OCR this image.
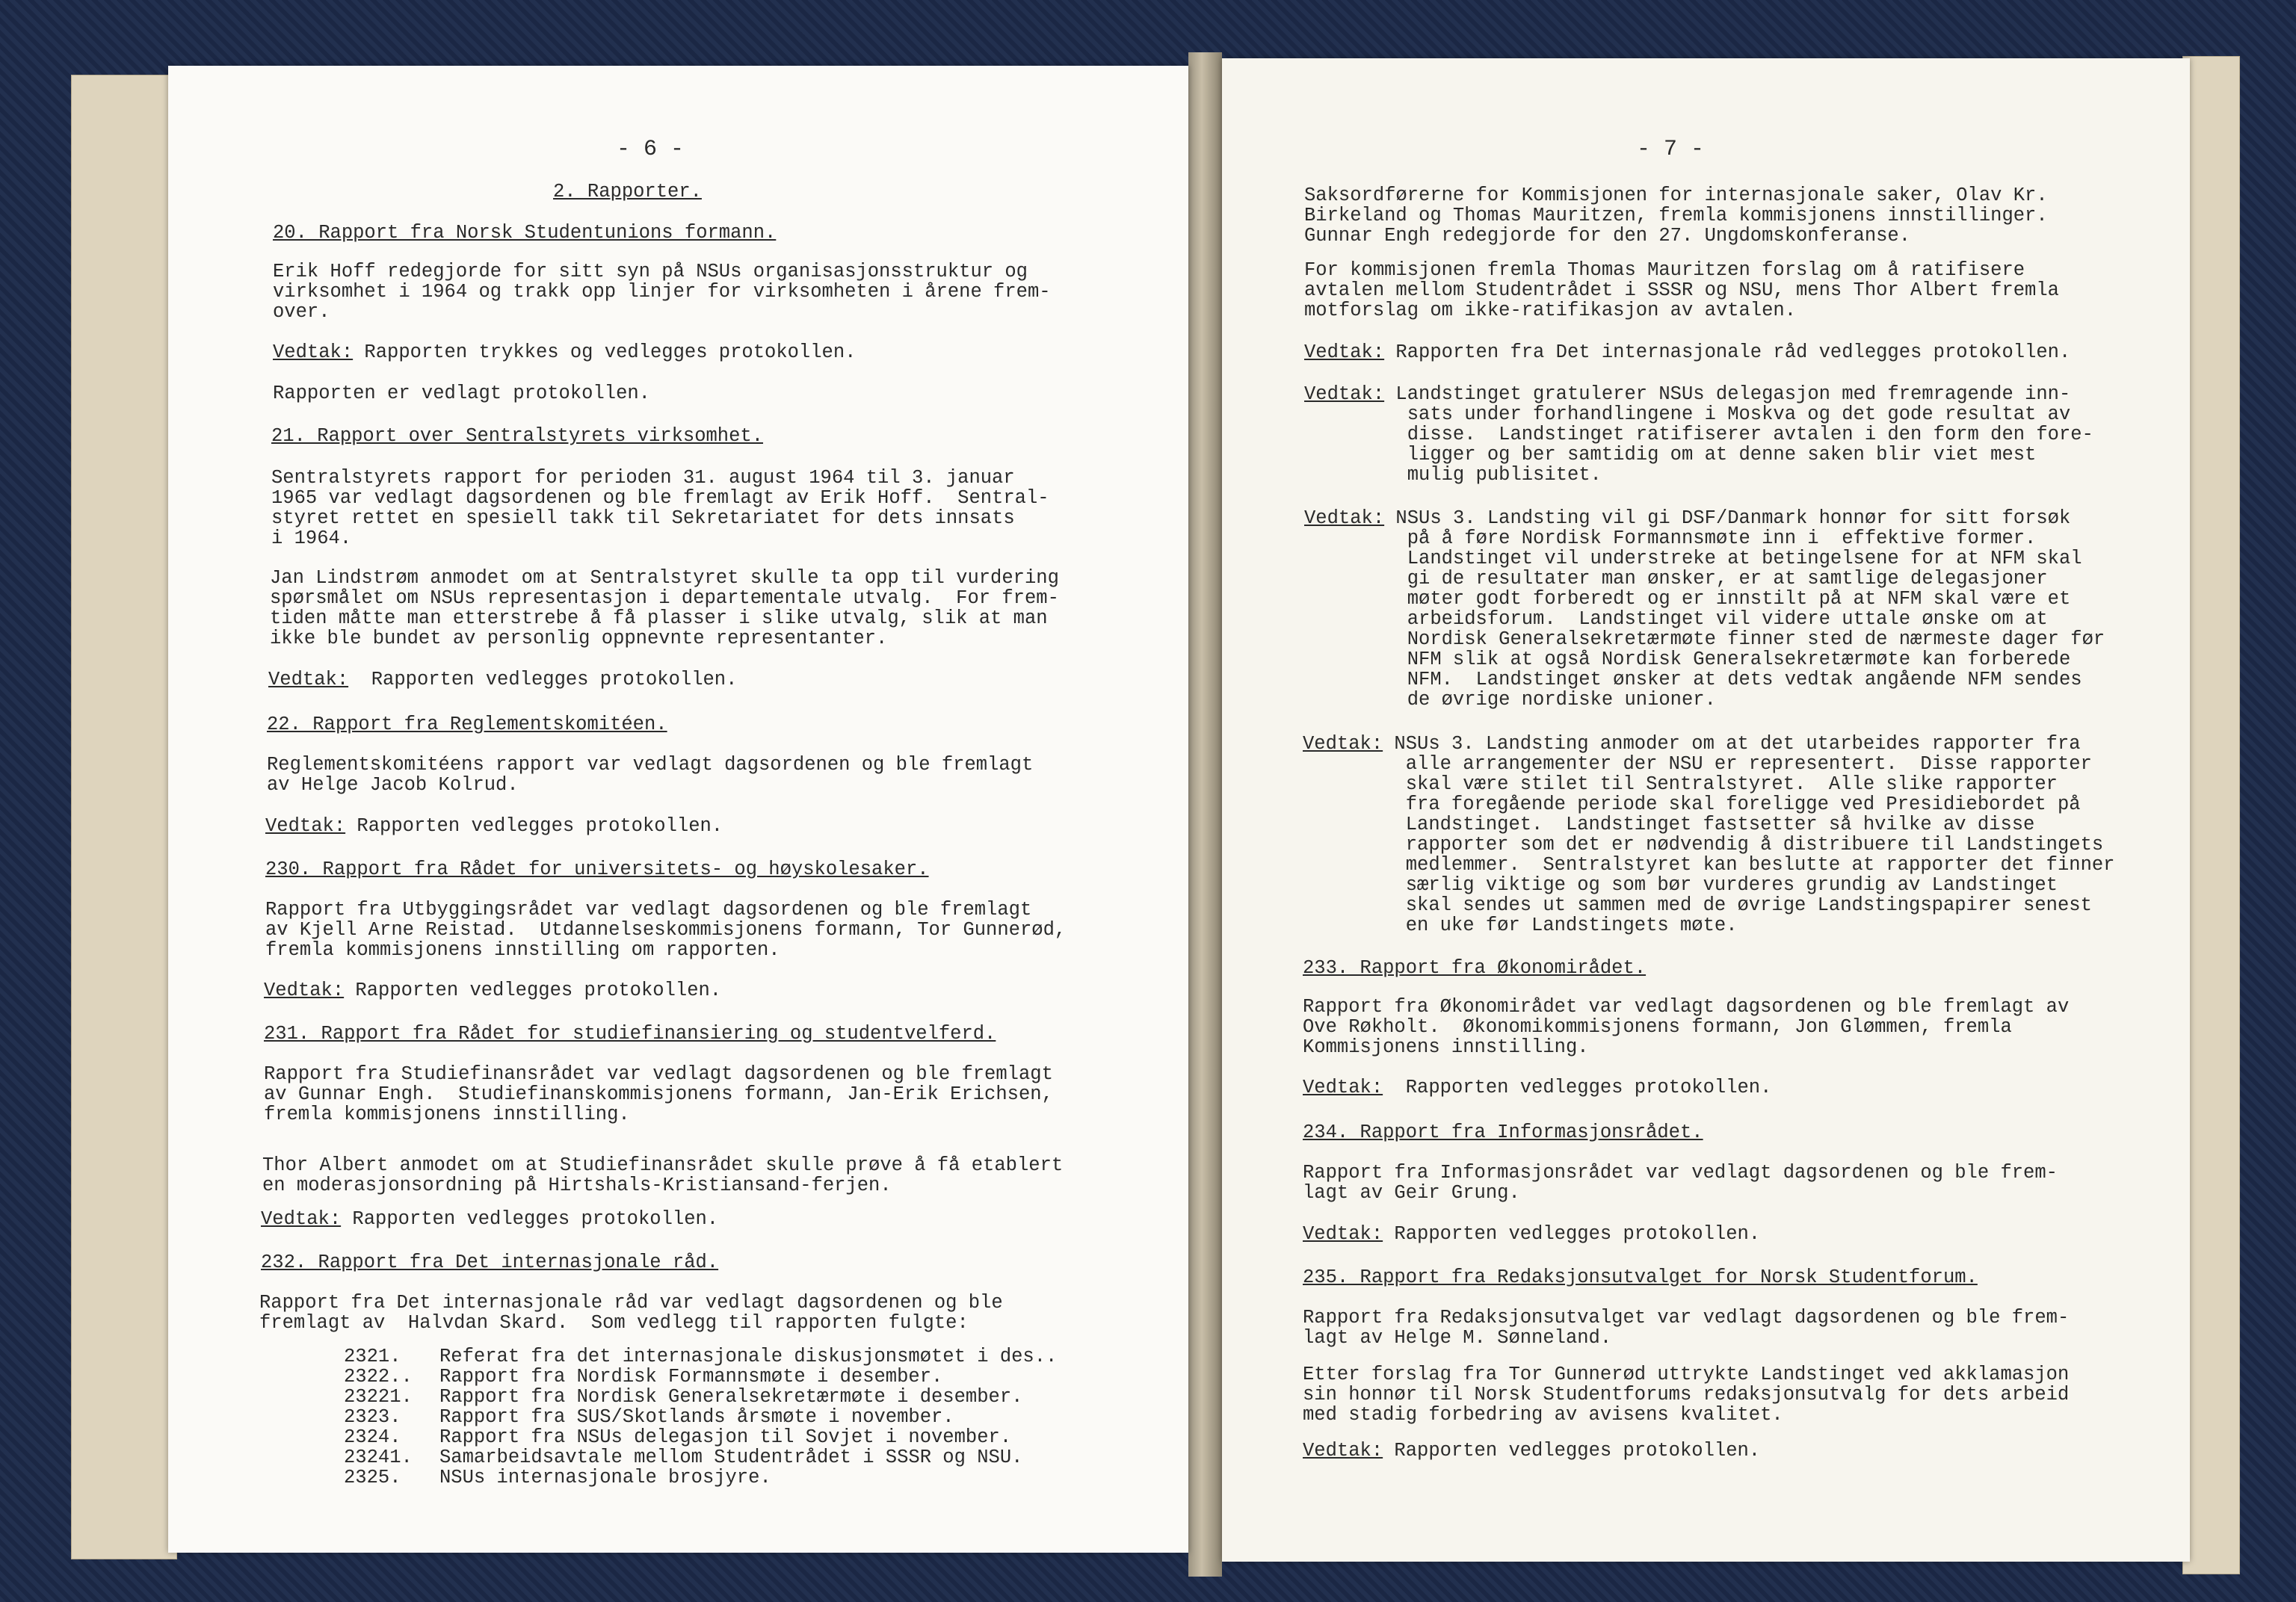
- 6 -
2. Rapporter.
20. Rapport fra Norsk Studentunions formann.
Erik Hoff redegjorde for sitt syn på NSUs organisasjonsstruktur og
virksomhet i 1964 og trakk opp linjer for virksomheten i årene frem-
over.
Vedtak: Rapporten trykkes og vedlegges protokollen.
Rapporten er vedlagt protokollen.
21. Rapport over Sentralstyrets virksomhet.
Sentralstyrets rapport for perioden 31. august 1964 til 3. januar
1965 var vedlagt dagsordenen og ble fremlagt av Erik Hoff.  Sentral-
styret rettet en spesiell takk til Sekretariatet for dets innsats
i 1964.
Jan Lindstrøm anmodet om at Sentralstyret skulle ta opp til vurdering
spørsmålet om NSUs representasjon i departementale utvalg.  For frem-
tiden måtte man etterstrebe å få plasser i slike utvalg, slik at man
ikke ble bundet av personlig oppnevnte representanter.
Vedtak:  Rapporten vedlegges protokollen.
22. Rapport fra Reglementskomitéen.
Reglementskomitéens rapport var vedlagt dagsordenen og ble fremlagt
av Helge Jacob Kolrud.
Vedtak: Rapporten vedlegges protokollen.
230. Rapport fra Rådet for universitets- og høyskolesaker.
Rapport fra Utbyggingsrådet var vedlagt dagsordenen og ble fremlagt
av Kjell Arne Reistad.  Utdannelseskommisjonens formann, Tor Gunnerød,
fremla kommisjonens innstilling om rapporten.
Vedtak: Rapporten vedlegges protokollen.
231. Rapport fra Rådet for studiefinansiering og studentvelferd.
Rapport fra Studiefinansrådet var vedlagt dagsordenen og ble fremlagt
av Gunnar Engh.  Studiefinanskommisjonens formann, Jan-Erik Erichsen,
fremla kommisjonens innstilling.
Thor Albert anmodet om at Studiefinansrådet skulle prøve å få etablert
en moderasjonsordning på Hirtshals-Kristiansand-ferjen.
Vedtak: Rapporten vedlegges protokollen.
232. Rapport fra Det internasjonale råd.
Rapport fra Det internasjonale råd var vedlagt dagsordenen og ble
fremlagt av  Halvdan Skard.  Som vedlegg til rapporten fulgte:
2321. Referat fra det internasjonale diskusjonsmøtet i des..
2322.. Rapport fra Nordisk Formannsmøte i desember.
23221. Rapport fra Nordisk Generalsekretærmøte i desember.
2323. Rapport fra SUS/Skotlands årsmøte i november.
2324. Rapport fra NSUs delegasjon til Sovjet i november.
23241. Samarbeidsavtale mellom Studentrådet i SSSR og NSU.
2325. NSUs internasjonale brosjyre.
- 7 -
Saksordførerne for Kommisjonen for internasjonale saker, Olav Kr.
Birkeland og Thomas Mauritzen, fremla kommisjonens innstillinger.
Gunnar Engh redegjorde for den 27. Ungdomskonferanse.
For kommisjonen fremla Thomas Mauritzen forslag om å ratifisere
avtalen mellom Studentrådet i SSSR og NSU, mens Thor Albert fremla
motforslag om ikke-ratifikasjon av avtalen.
Vedtak: Rapporten fra Det internasjonale råd vedlegges protokollen.
Vedtak: Landstinget gratulerer NSUs delegasjon med fremragende inn-
sats under forhandlingene i Moskva og det gode resultat av
disse.  Landstinget ratifiserer avtalen i den form den fore-
ligger og ber samtidig om at denne saken blir viet mest
mulig publisitet.
Vedtak: NSUs 3. Landsting vil gi DSF/Danmark honnør for sitt forsøk
på å føre Nordisk Formannsmøte inn i  effektive former.
Landstinget vil understreke at betingelsene for at NFM skal
gi de resultater man ønsker, er at samtlige delegasjoner
møter godt forberedt og er innstilt på at NFM skal være et
arbeidsforum.  Landstinget vil videre uttale ønske om at
Nordisk Generalsekretærmøte finner sted de nærmeste dager før
NFM slik at også Nordisk Generalsekretærmøte kan forberede
NFM.  Landstinget ønsker at dets vedtak angående NFM sendes
de øvrige nordiske unioner.
Vedtak: NSUs 3. Landsting anmoder om at det utarbeides rapporter fra
alle arrangementer der NSU er representert.  Disse rapporter
skal være stilet til Sentralstyret.  Alle slike rapporter
fra foregående periode skal foreligge ved Presidiebordet på
Landstinget.  Landstinget fastsetter så hvilke av disse
rapporter som det er nødvendig å distribuere til Landstingets
medlemmer.  Sentralstyret kan beslutte at rapporter det finner
særlig viktige og som bør vurderes grundig av Landstinget
skal sendes ut sammen med de øvrige Landstingspapirer senest
en uke før Landstingets møte.
233. Rapport fra Økonomirådet.
Rapport fra Økonomirådet var vedlagt dagsordenen og ble fremlagt av
Ove Røkholt.  Økonomikommisjonens formann, Jon Glømmen, fremla
Kommisjonens innstilling.
Vedtak:  Rapporten vedlegges protokollen.
234. Rapport fra Informasjonsrådet.
Rapport fra Informasjonsrådet var vedlagt dagsordenen og ble frem-
lagt av Geir Grung.
Vedtak: Rapporten vedlegges protokollen.
235. Rapport fra Redaksjonsutvalget for Norsk Studentforum.
Rapport fra Redaksjonsutvalget var vedlagt dagsordenen og ble frem-
lagt av Helge M. Sønneland.
Etter forslag fra Tor Gunnerød uttrykte Landstinget ved akklamasjon
sin honnør til Norsk Studentforums redaksjonsutvalg for dets arbeid
med stadig forbedring av avisens kvalitet.
Vedtak: Rapporten vedlegges protokollen.
